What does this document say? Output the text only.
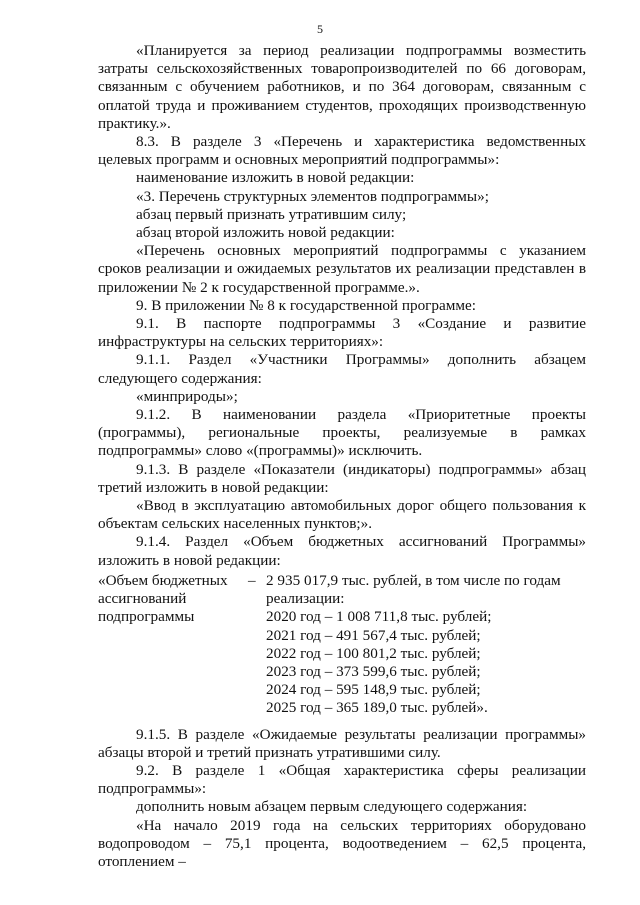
5

«Планируется за период реализации подпрограммы возместить затраты сельскохозяйственных товаропроизводителей по 66 договорам, связанным с обучением работников, и по 364 договорам, связанным с оплатой труда и проживанием студентов, проходящих производственную практику.».

8.3. В разделе 3 «Перечень и характеристика ведомственных целевых программ и основных мероприятий подпрограммы»:

наименование изложить в новой редакции:

«3. Перечень структурных элементов подпрограммы»;

абзац первый признать утратившим силу;

абзац второй изложить новой редакции:

«Перечень основных мероприятий подпрограммы с указанием сроков реализации и ожидаемых результатов их реализации представлен в приложении № 2 к государственной программе.».

9. В приложении № 8 к государственной программе:

9.1. В паспорте подпрограммы 3 «Создание и развитие инфраструктуры на сельских территориях»:

9.1.1. Раздел «Участники Программы» дополнить абзацем следующего содержания:

«минприроды»;

9.1.2. В наименовании раздела «Приоритетные проекты (программы), региональные проекты, реализуемые в рамках подпрограммы» слово «(программы)» исключить.

9.1.3. В разделе «Показатели (индикаторы) подпрограммы» абзац третий изложить в новой редакции:

«Ввод в эксплуатацию автомобильных дорог общего пользования к объектам сельских населенных пунктов;».

9.1.4. Раздел «Объем бюджетных ассигнований Программы» изложить в новой редакции:

«Объем бюджетных ассигнований подпрограммы
– 2 935 017,9 тыс. рублей, в том числе по годам реализации:
2020 год – 1 008 711,8 тыс. рублей;
2021 год – 491 567,4 тыс. рублей;
2022 год – 100 801,2 тыс. рублей;
2023 год – 373 599,6 тыс. рублей;
2024 год – 595 148,9 тыс. рублей;
2025 год – 365 189,0 тыс. рублей».

9.1.5. В разделе «Ожидаемые результаты реализации программы» абзацы второй и третий признать утратившими силу.

9.2. В разделе 1 «Общая характеристика сферы реализации подпрограммы»:

дополнить новым абзацем первым следующего содержания:

«На начало 2019 года на сельских территориях оборудовано водопроводом – 75,1 процента, водоотведением – 62,5 процента, отоплением –
